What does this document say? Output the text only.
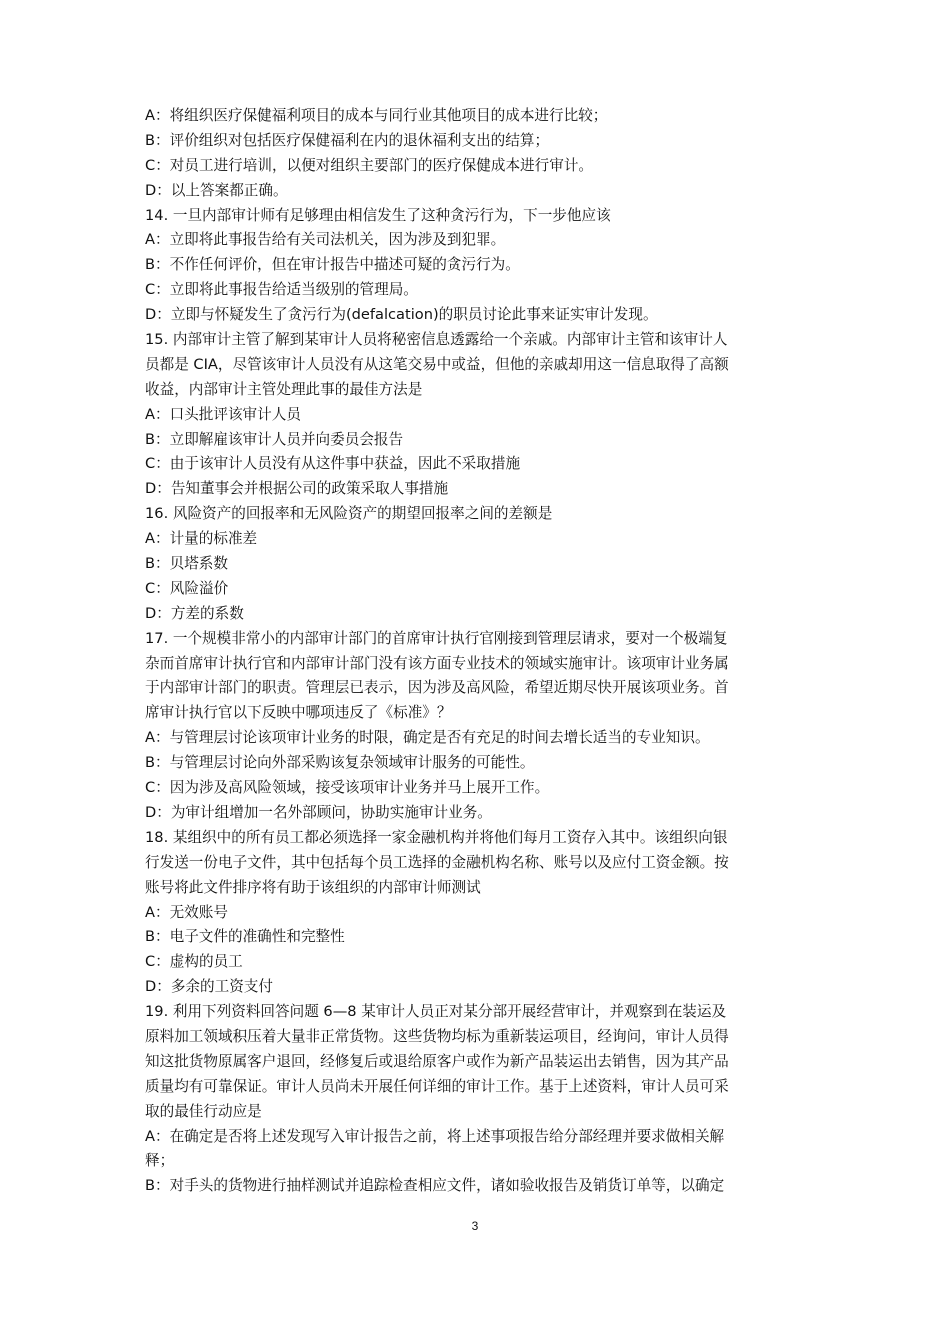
A：将组织医疗保健福利项目的成本与同行业其他项目的成本进行比较；
B：评价组织对包括医疗保健福利在内的退休福利支出的结算；
C：对员工进行培训，以便对组织主要部门的医疗保健成本进行审计。
D：以上答案都正确。
14. 一旦内部审计师有足够理由相信发生了这种贪污行为，下一步他应该
A：立即将此事报告给有关司法机关，因为涉及到犯罪。
B：不作任何评价，但在审计报告中描述可疑的贪污行为。
C：立即将此事报告给适当级别的管理局。
D：立即与怀疑发生了贪污行为(defalcation)的职员讨论此事来证实审计发现。
15. 内部审计主管了解到某审计人员将秘密信息透露给一个亲戚。内部审计主管和该审计人
员都是 CIA，尽管该审计人员没有从这笔交易中或益，但他的亲戚却用这一信息取得了高额
收益，内部审计主管处理此事的最佳方法是
A：口头批评该审计人员
B：立即解雇该审计人员并向委员会报告
C：由于该审计人员没有从这件事中获益，因此不采取措施
D：告知董事会并根据公司的政策采取人事措施
16. 风险资产的回报率和无风险资产的期望回报率之间的差额是
A：计量的标准差
B：贝塔系数
C：风险溢价
D：方差的系数
17. 一个规模非常小的内部审计部门的首席审计执行官刚接到管理层请求，要对一个极端复
杂而首席审计执行官和内部审计部门没有该方面专业技术的领域实施审计。该项审计业务属
于内部审计部门的职责。管理层已表示，因为涉及高风险，希望近期尽快开展该项业务。首
席审计执行官以下反映中哪项违反了《标准》？
A：与管理层讨论该项审计业务的时限，确定是否有充足的时间去增长适当的专业知识。
B：与管理层讨论向外部采购该复杂领域审计服务的可能性。
C：因为涉及高风险领域，接受该项审计业务并马上展开工作。
D：为审计组增加一名外部顾问，协助实施审计业务。
18. 某组织中的所有员工都必须选择一家金融机构并将他们每月工资存入其中。该组织向银
行发送一份电子文件，其中包括每个员工选择的金融机构名称、账号以及应付工资金额。按
账号将此文件排序将有助于该组织的内部审计师测试
A：无效账号
B：电子文件的准确性和完整性
C：虚构的员工
D：多余的工资支付
19. 利用下列资料回答问题 6—8 某审计人员正对某分部开展经营审计，并观察到在装运及
原料加工领域积压着大量非正常货物。这些货物均标为重新装运项目，经询问，审计人员得
知这批货物原属客户退回，经修复后或退给原客户或作为新产品装运出去销售，因为其产品
质量均有可靠保证。审计人员尚未开展任何详细的审计工作。基于上述资料，审计人员可采
取的最佳行动应是
A：在确定是否将上述发现写入审计报告之前，将上述事项报告给分部经理并要求做相关解
释；
B：对手头的货物进行抽样测试并追踪检查相应文件，诸如验收报告及销货订单等，以确定
3
